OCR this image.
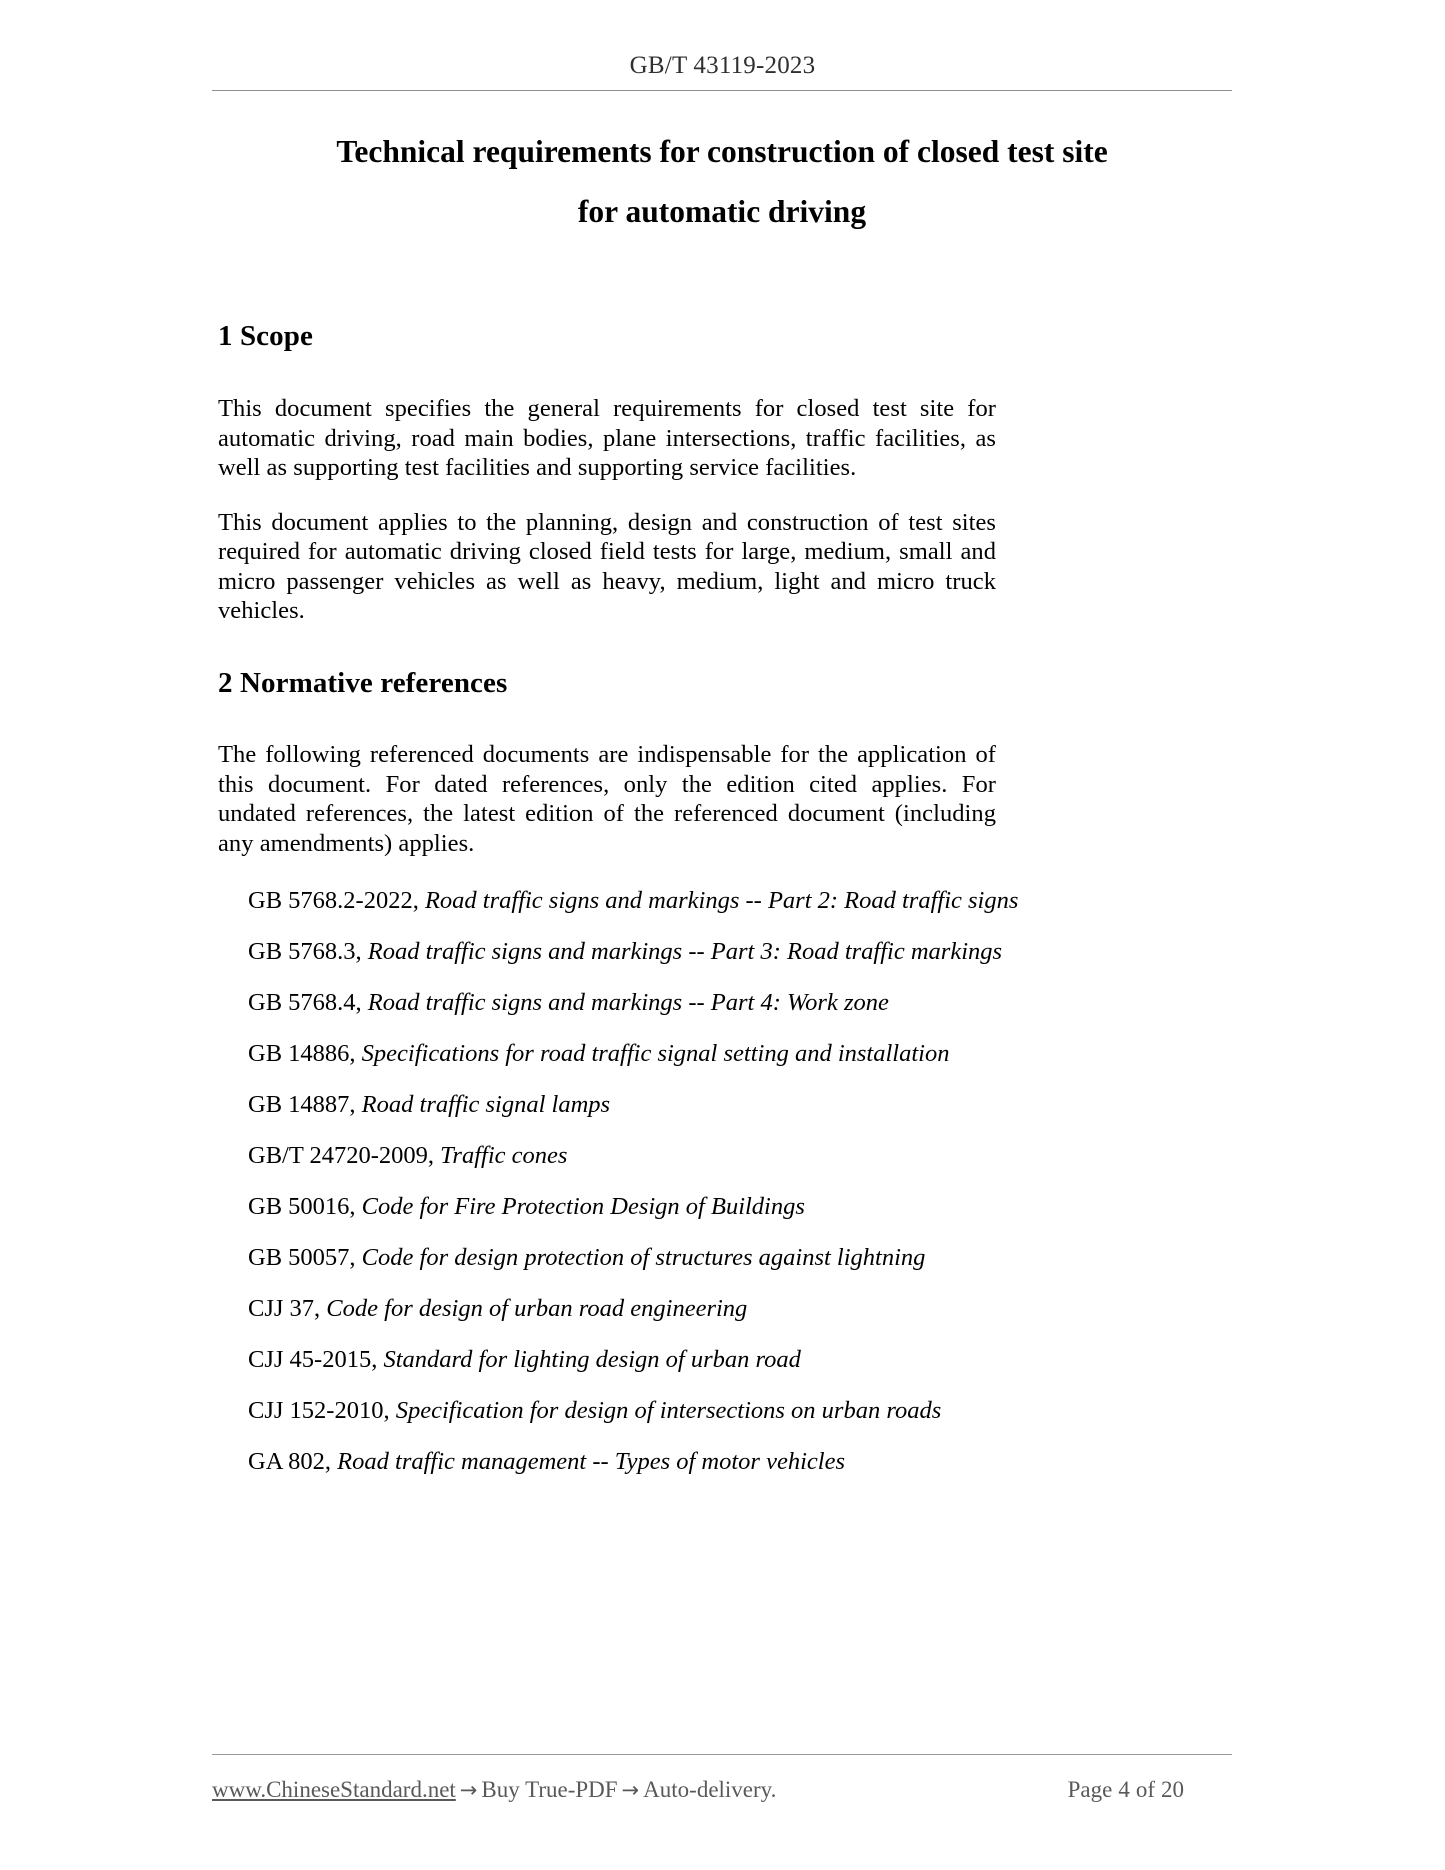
GB/T 43119-2023
Technical requirements for construction of closed test site
for automatic driving
1 Scope

This document specifies the general requirements for closed test site for automatic driving, road main bodies, plane intersections, traffic facilities, as well as supporting test facilities and supporting service facilities.

This document applies to the planning, design and construction of test sites required for automatic driving closed field tests for large, medium, small and micro passenger vehicles as well as heavy, medium, light and micro truck vehicles.

2 Normative references

The following referenced documents are indispensable for the application of this document. For dated references, only the edition cited applies. For undated references, the latest edition of the referenced document (including any amendments) applies.

GB 5768.2-2022, Road traffic signs and markings -- Part 2: Road traffic signs
GB 5768.3, Road traffic signs and markings -- Part 3: Road traffic markings
GB 5768.4, Road traffic signs and markings -- Part 4: Work zone
GB 14886, Specifications for road traffic signal setting and installation
GB 14887, Road traffic signal lamps
GB/T 24720-2009, Traffic cones
GB 50016, Code for Fire Protection Design of Buildings
GB 50057, Code for design protection of structures against lightning
CJJ 37, Code for design of urban road engineering
CJJ 45-2015, Standard for lighting design of urban road
CJJ 152-2010, Specification for design of intersections on urban roads
GA 802, Road traffic management -- Types of motor vehicles
www.ChineseStandard.net → Buy True-PDF → Auto-delivery.	Page 4 of 20
